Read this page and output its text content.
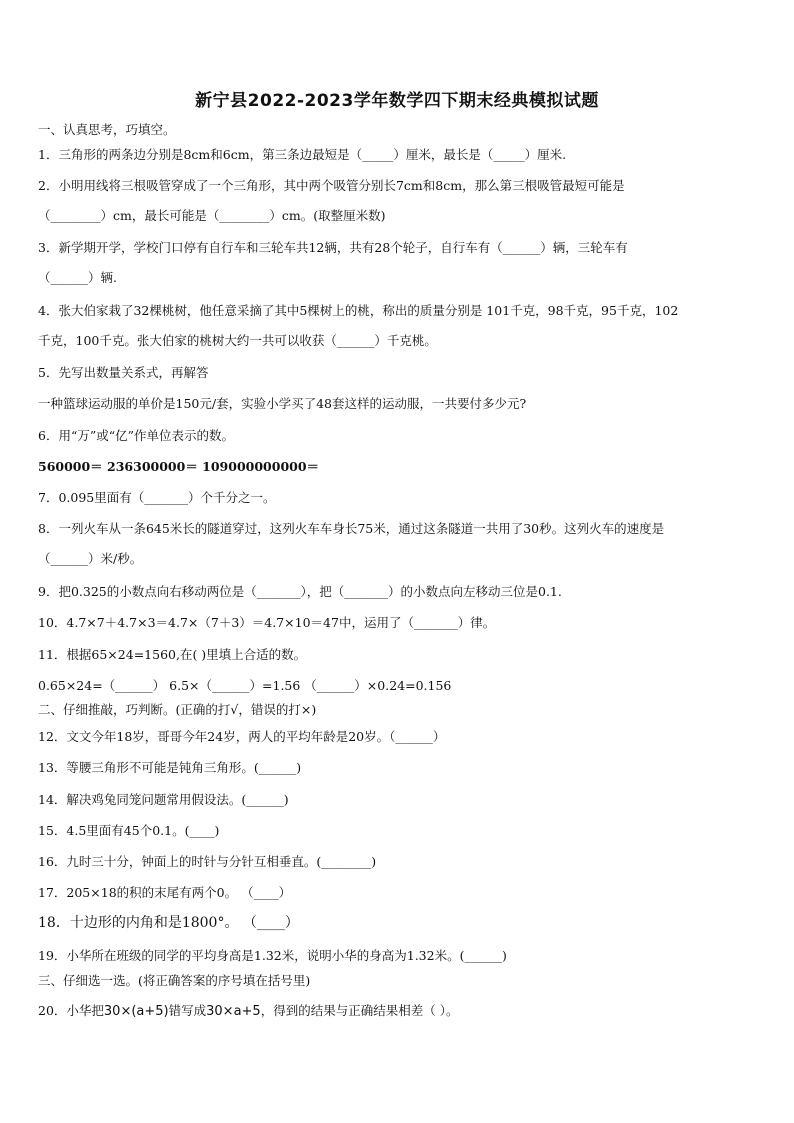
新宁县2022-2023学年数学四下期末经典模拟试题
一、认真思考，巧填空。
1．三角形的两条边分别是8cm和6cm，第三条边最短是（_____）厘米，最长是（_____）厘米.
2．小明用线将三根吸管穿成了一个三角形，其中两个吸管分别长7cm和8cm，那么第三根吸管最短可能是
（________）cm，最长可能是（________）cm。(取整厘米数)
3．新学期开学，学校门口停有自行车和三轮车共12辆，共有28个轮子，自行车有（______）辆，三轮车有
（______）辆.
4．张大伯家栽了32棵桃树，他任意采摘了其中5棵树上的桃，称出的质量分别是 101千克，98千克，95千克，102
千克，100千克。张大伯家的桃树大约一共可以收获（______）千克桃。
5．先写出数量关系式，再解答
一种篮球运动服的单价是150元/套，实验小学买了48套这样的运动服，一共要付多少元?
6．用“万”或“亿”作单位表示的数。
560000＝ 236300000＝ 109000000000＝
7．0.095里面有（_______）个千分之一。
8．一列火车从一条645米长的隧道穿过，这列火车车身长75米，通过这条隧道一共用了30秒。这列火车的速度是
（______）米/秒。
9．把0.325的小数点向右移动两位是（_______），把（_______）的小数点向左移动三位是0.1.
10．4.7×7＋4.7×3＝4.7×（7＋3）＝4.7×10＝47中，运用了（_______）律。
11．根据65×24=1560,在( )里填上合适的数。
0.65×24=（______） 6.5×（______）=1.56 （______）×0.24=0.156
二、仔细推敲，巧判断。(正确的打√，错误的打×)
12．文文今年18岁，哥哥今年24岁，两人的平均年龄是20岁。（______）
13．等腰三角形不可能是钝角三角形。(______)
14．解决鸡兔同笼问题常用假设法。(______)
15．4.5里面有45个0.1。(____)
16．九时三十分，钟面上的时针与分针互相垂直。(________)
17．205×18的积的末尾有两个0。 （____）
18．十边形的内角和是1800°。 （____）
19．小华所在班级的同学的平均身高是1.32米，说明小华的身高为1.32米。(______)
三、仔细选一选。(将正确答案的序号填在括号里)
20．小华把30×(a+5)错写成30×a+5，得到的结果与正确结果相差（ ）。
